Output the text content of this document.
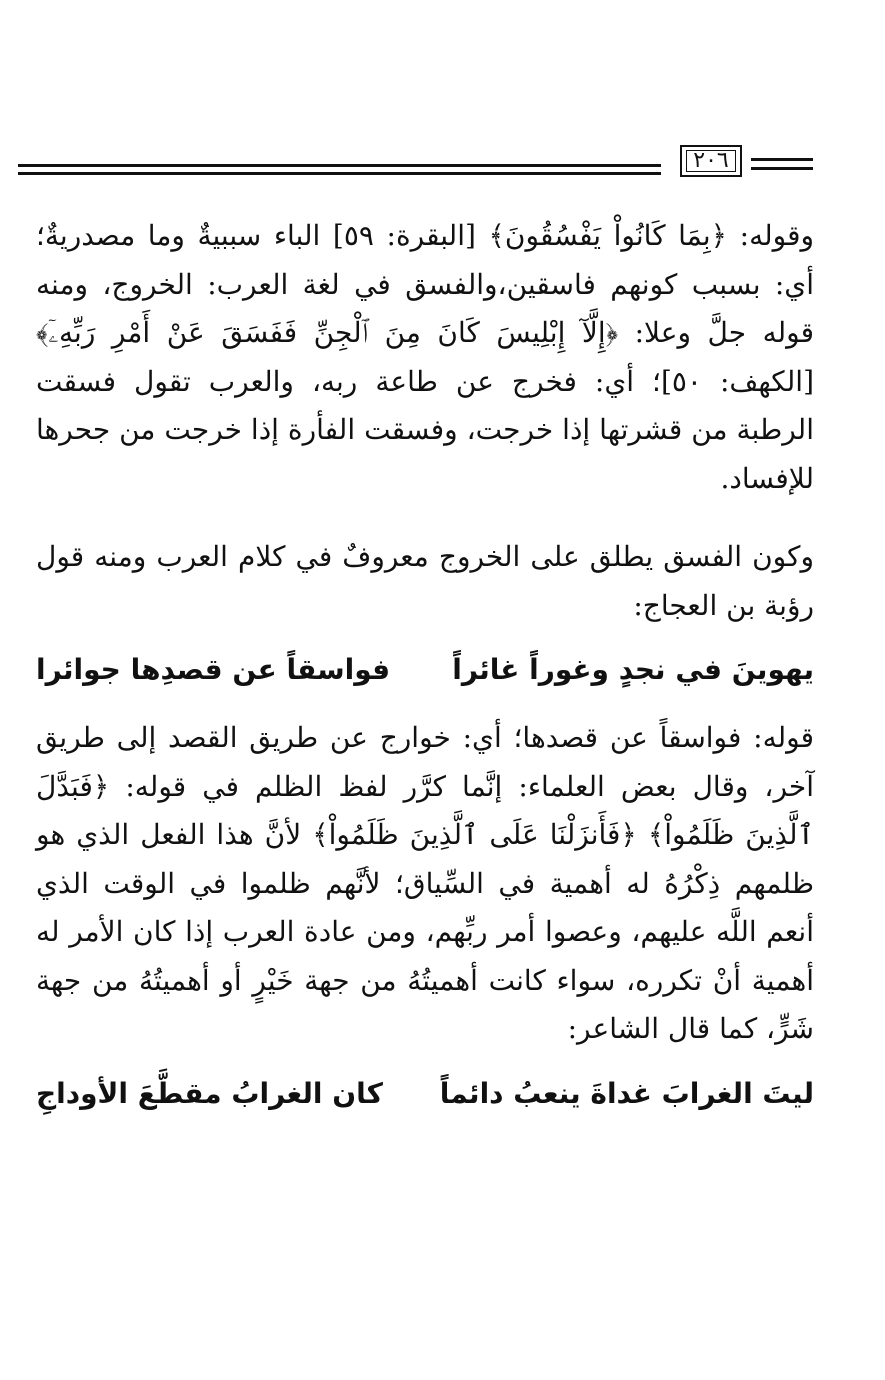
٢٠٦

وقوله: ﴿بِمَا كَانُواْ يَفْسُقُونَ﴾ [البقرة: ٥٩] الباء سببيةٌ وما مصدريةٌ؛ أي: بسبب كونهم فاسقين،والفسق في لغة العرب: الخروج، ومنه قوله جلَّ وعلا: ﴿إِلَّآ إِبْلِيسَ كَانَ مِنَ ٱلْجِنِّ فَفَسَقَ عَنْ أَمْرِ رَبِّهِۦٓ﴾ [الكهف: ٥٠]؛ أي: فخرج عن طاعة ربه، والعرب تقول فسقت الرطبة من قشرتها إذا خرجت، وفسقت الفأرة إذا خرجت من جحرها للإفساد.

وكون الفسق يطلق على الخروج معروفٌ في كلام العرب ومنه قول رؤبة بن العجاج:

يهوينَ في نجدٍ وغوراً غائراً
فواسقاً عن قصدِها جوائرا

قوله: فواسقاً عن قصدها؛ أي: خوارج عن طريق القصد إلى طريق آخر، وقال بعض العلماء: إنَّما كرَّر لفظ الظلم في قوله: ﴿فَبَدَّلَ ٱلَّذِينَ ظَلَمُواْ﴾ ﴿فَأَنزَلْنَا عَلَى ٱلَّذِينَ ظَلَمُواْ﴾ لأنَّ هذا الفعل الذي هو ظلمهم ذِكْرُهُ له أهمية في السِّياق؛ لأنَّهم ظلموا في الوقت الذي أنعم اللَّه عليهم، وعصوا أمر ربِّهم، ومن عادة العرب إذا كان الأمر له أهمية أنْ تكرره، سواء كانت أهميتُهُ من جهة خَيْرٍ أو أهميتُهُ من جهة شَرٍّ، كما قال الشاعر:

ليتَ الغرابَ غداةَ ينعبُ دائماً
كان الغرابُ مقطَّعَ الأوداجِ
